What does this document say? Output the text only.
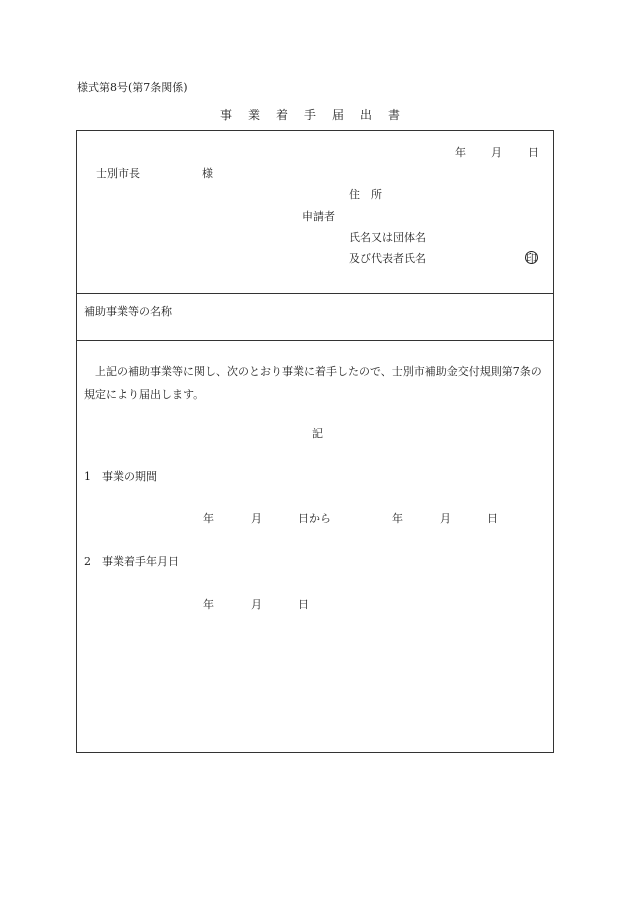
様式第8号(第7条関係)
事業着手届出書
年 月 日
士別市長	様
住　所
申請者
氏名又は団体名
及び代表者氏名	印
補助事業等の名称
上記の補助事業等に関し、次のとおり事業に着手したので、士別市補助金交付規則第7条の規定により届出します。
記
1　事業の期間
年	月	日から	年	月	日
2　事業着手年月日
年	月	日
